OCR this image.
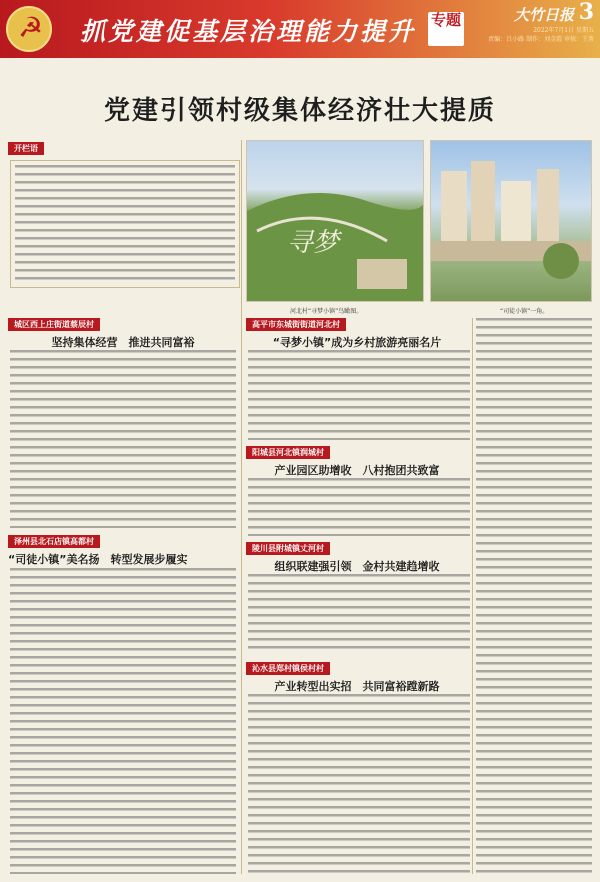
☭ 抓党建促基层治理能力提升 专题	大竹日报 3
2022年7月1日 星期五
责编：吕小路 制作：刘金霞 审核：王菁
党建引领村级集体经济壮大提质
开栏语
寻梦
河北村“寻梦小镇”鸟瞰图。	“司徒小镇”一角。
城区西上庄街道蔡辰村
坚持集体经营　推进共同富裕
泽州县北石店镇高都村
“司徒小镇”美名扬　转型发展步履实
高平市东城街街道河北村
“寻梦小镇”成为乡村旅游亮丽名片
阳城县河北镇润城村
产业园区助增收　八村抱团共致富
陵川县附城镇丈河村
组织联建强引领　金村共建趋增收
沁水县郑村镇侯村村
产业转型出实招　共同富裕蹚新路
